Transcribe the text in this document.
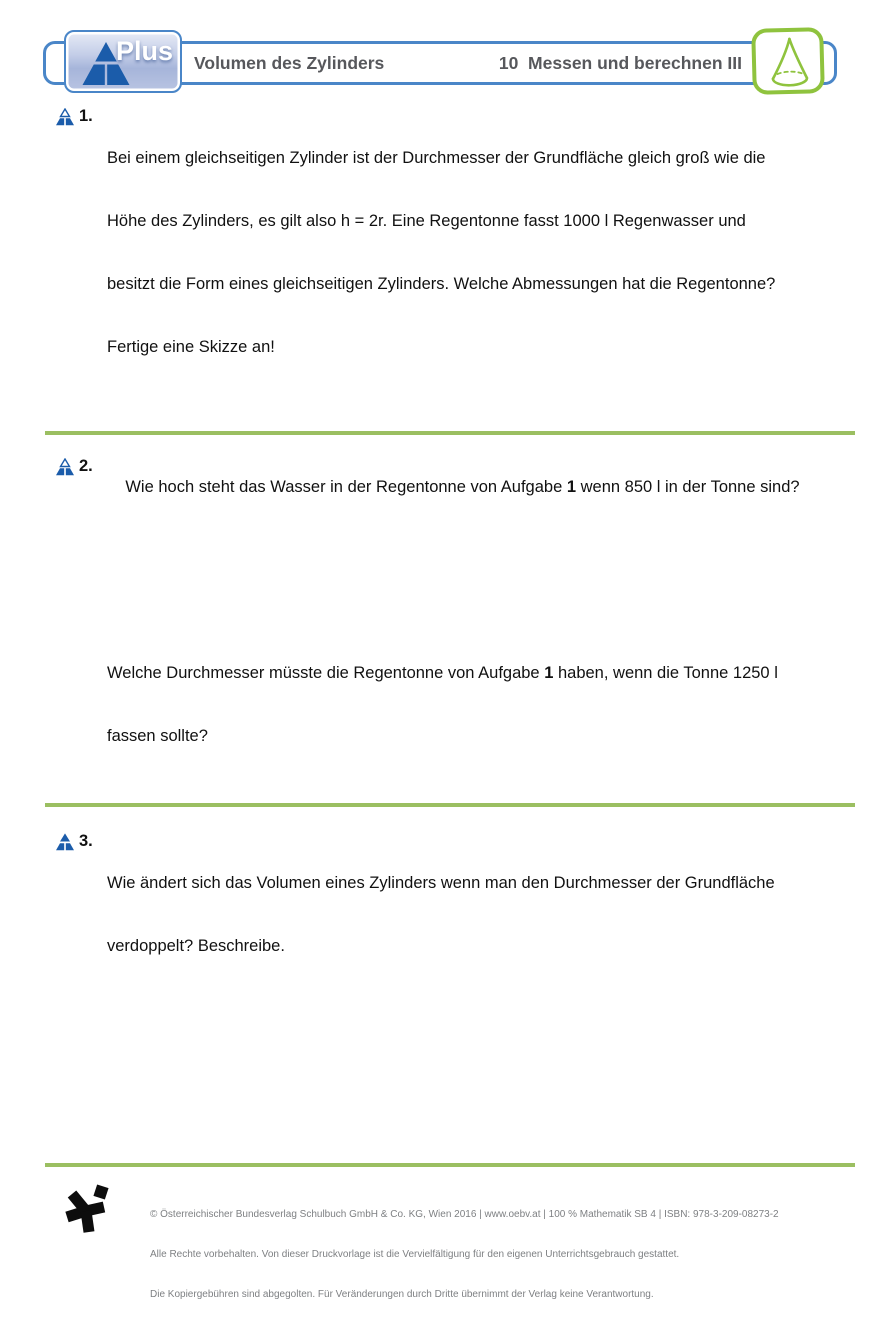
Plus Volumen des Zylinders	10  Messen und berechnen III
1.

Bei einem gleichseitigen Zylinder ist der Durchmesser der Grundfläche gleich groß wie die

Höhe des Zylinders, es gilt also h = 2r. Eine Regentonne fasst 1000 l Regenwasser und

besitzt die Form eines gleichseitigen Zylinders. Welche Abmessungen hat die Regentonne?

Fertige eine Skizze an!

2.

Wie hoch steht das Wasser in der Regentonne von Aufgabe 1 wenn 850 l in der Tonne sind?

Welche Durchmesser müsste die Regentonne von Aufgabe 1 haben, wenn die Tonne 1250 l

fassen sollte?

3.

Wie ändert sich das Volumen eines Zylinders wenn man den Durchmesser der Grundfläche

verdoppelt? Beschreibe.

© Österreichischer Bundesverlag Schulbuch GmbH & Co. KG, Wien 2016 | www.oebv.at | 100 % Mathematik SB 4 | ISBN: 978-3-209-08273-2

Alle Rechte vorbehalten. Von dieser Druckvorlage ist die Vervielfältigung für den eigenen Unterrichtsgebrauch gestattet.

Die Kopiergebühren sind abgegolten. Für Veränderungen durch Dritte übernimmt der Verlag keine Verantwortung.
